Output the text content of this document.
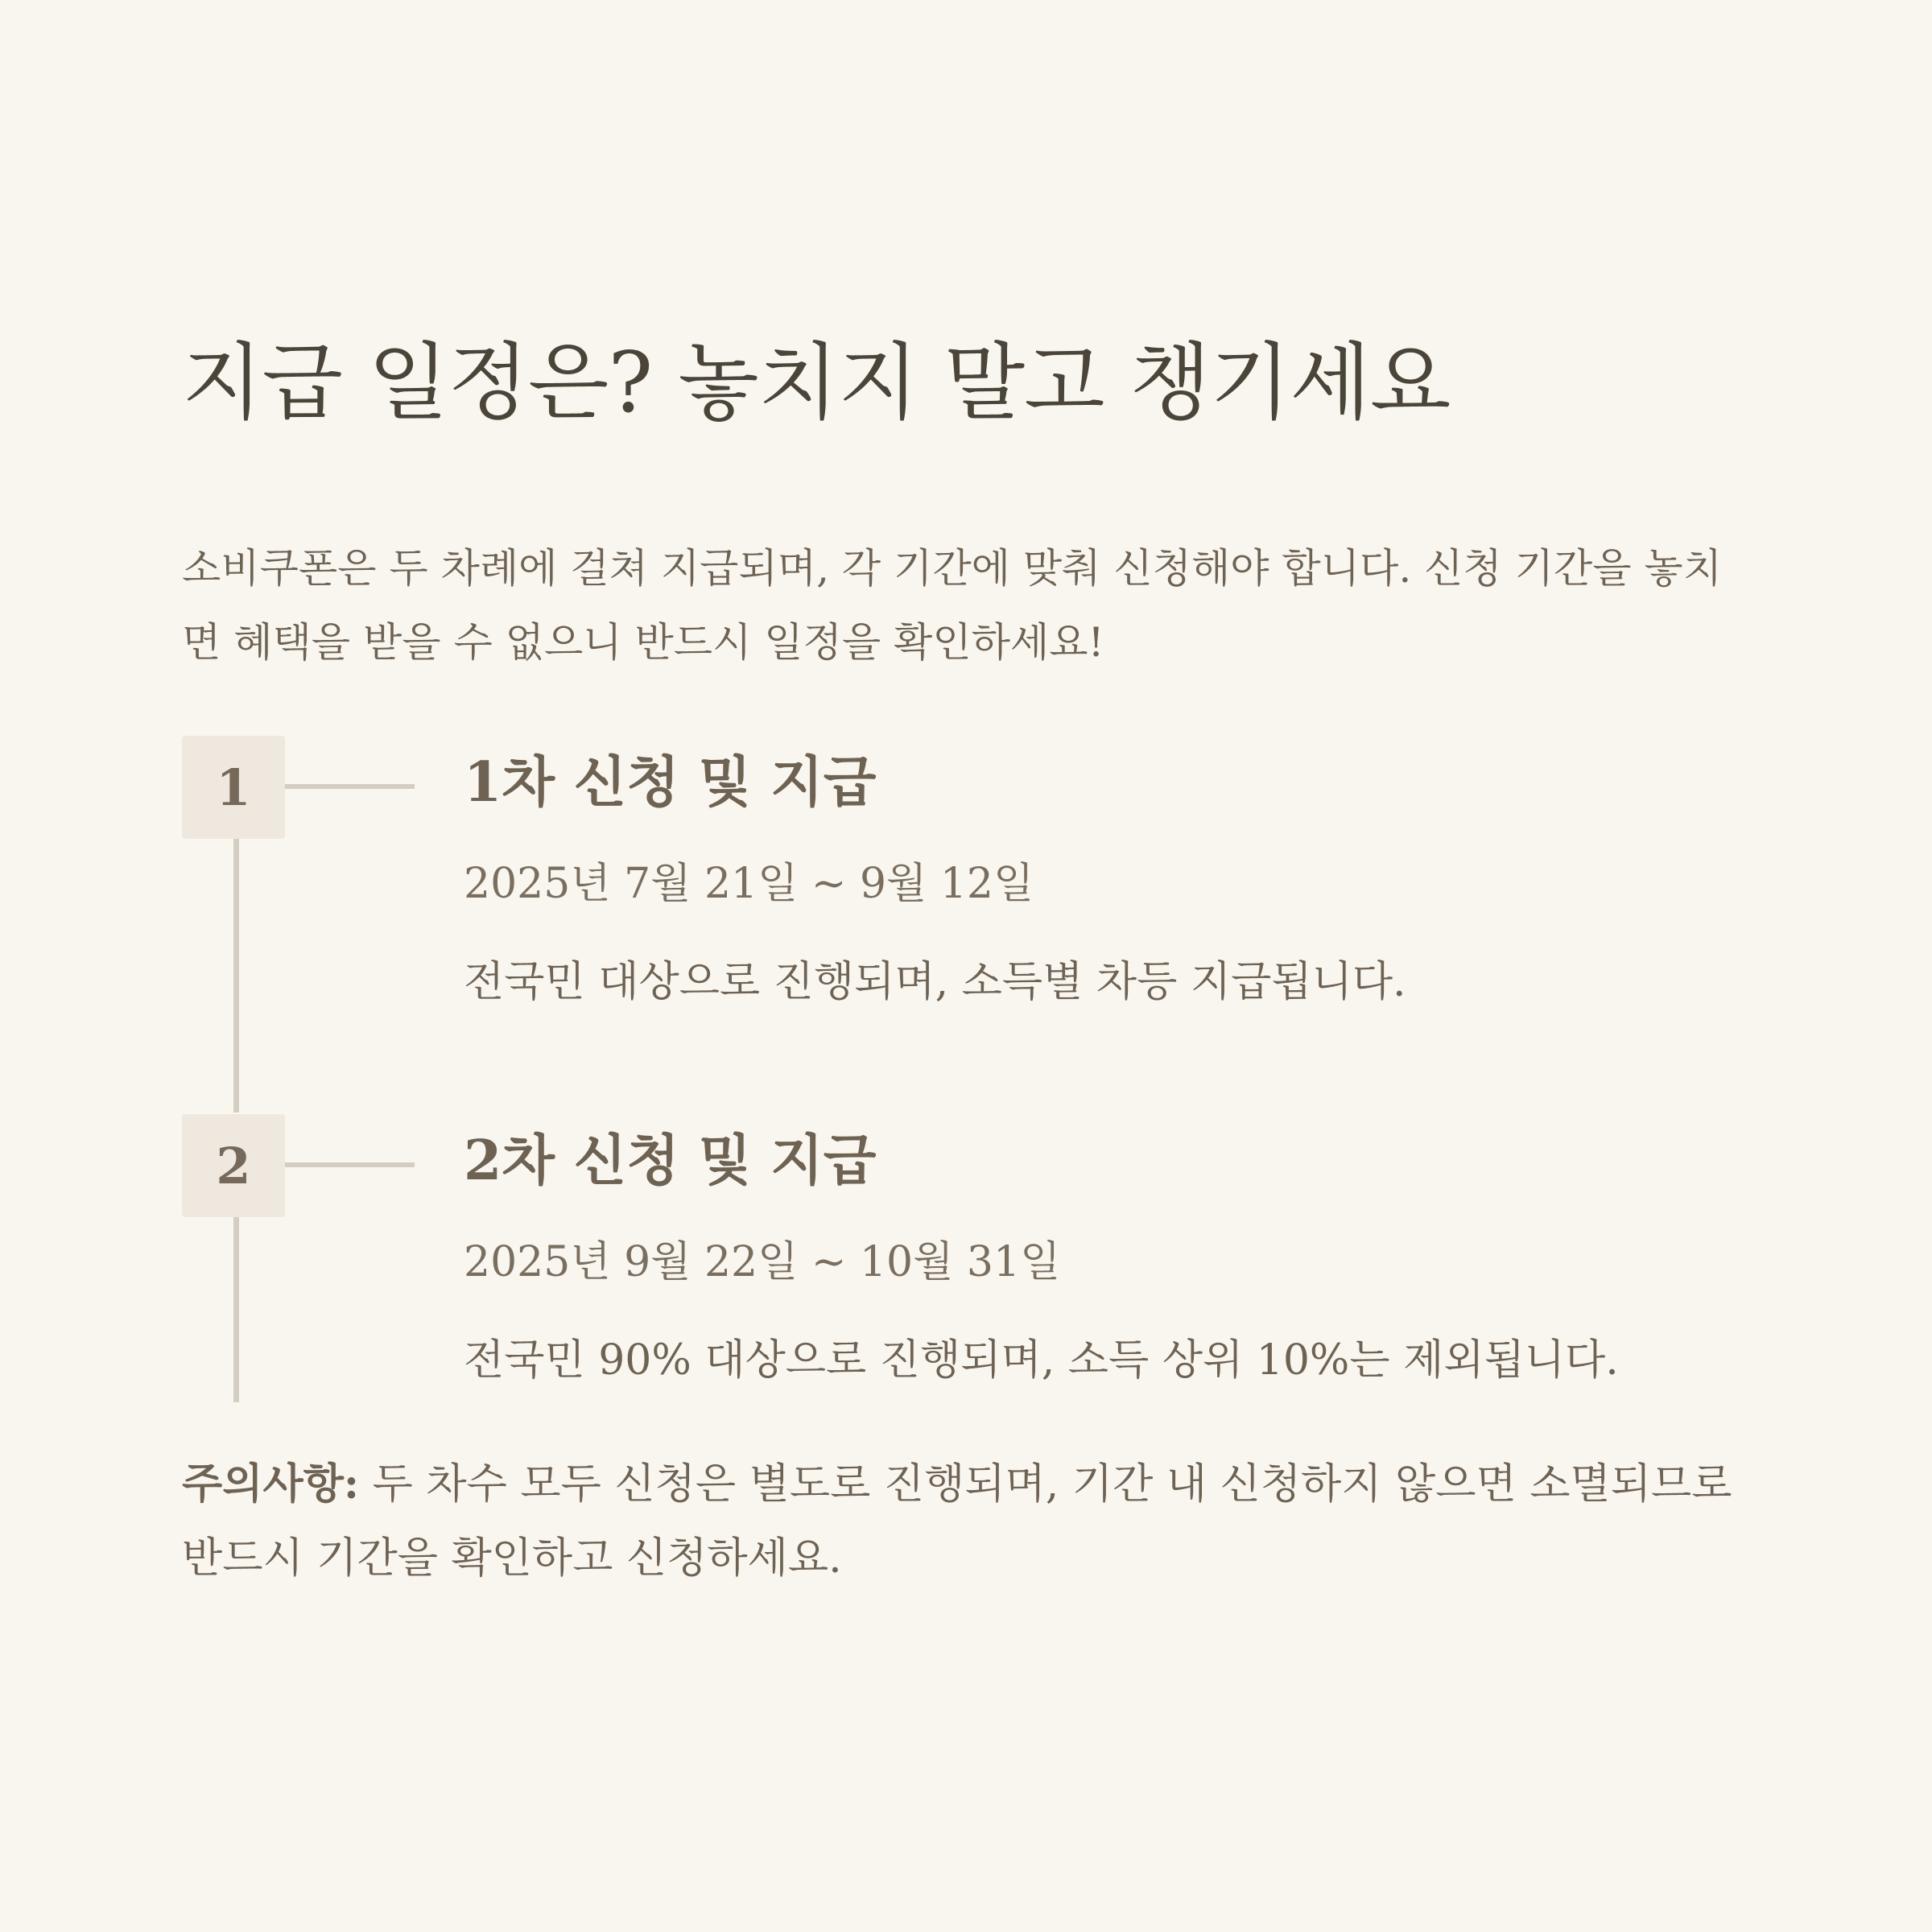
지급 일정은? 놓치지 말고 챙기세요

소비쿠폰은 두 차례에 걸쳐 지급되며, 각 기간에 맞춰 신청해야 합니다. 신청 기간을 놓치면 혜택을 받을 수 없으니 반드시 일정을 확인하세요!

1	1차 신청 및 지급

2025년 7월 21일 ~ 9월 12일

전국민 대상으로 진행되며, 소득별 차등 지급됩니다.

2	2차 신청 및 지급

2025년 9월 22일 ~ 10월 31일

전국민 90% 대상으로 진행되며, 소득 상위 10%는 제외됩니다.

주의사항: 두 차수 모두 신청은 별도로 진행되며, 기간 내 신청하지 않으면 소멸되므로 반드시 기간을 확인하고 신청하세요.
